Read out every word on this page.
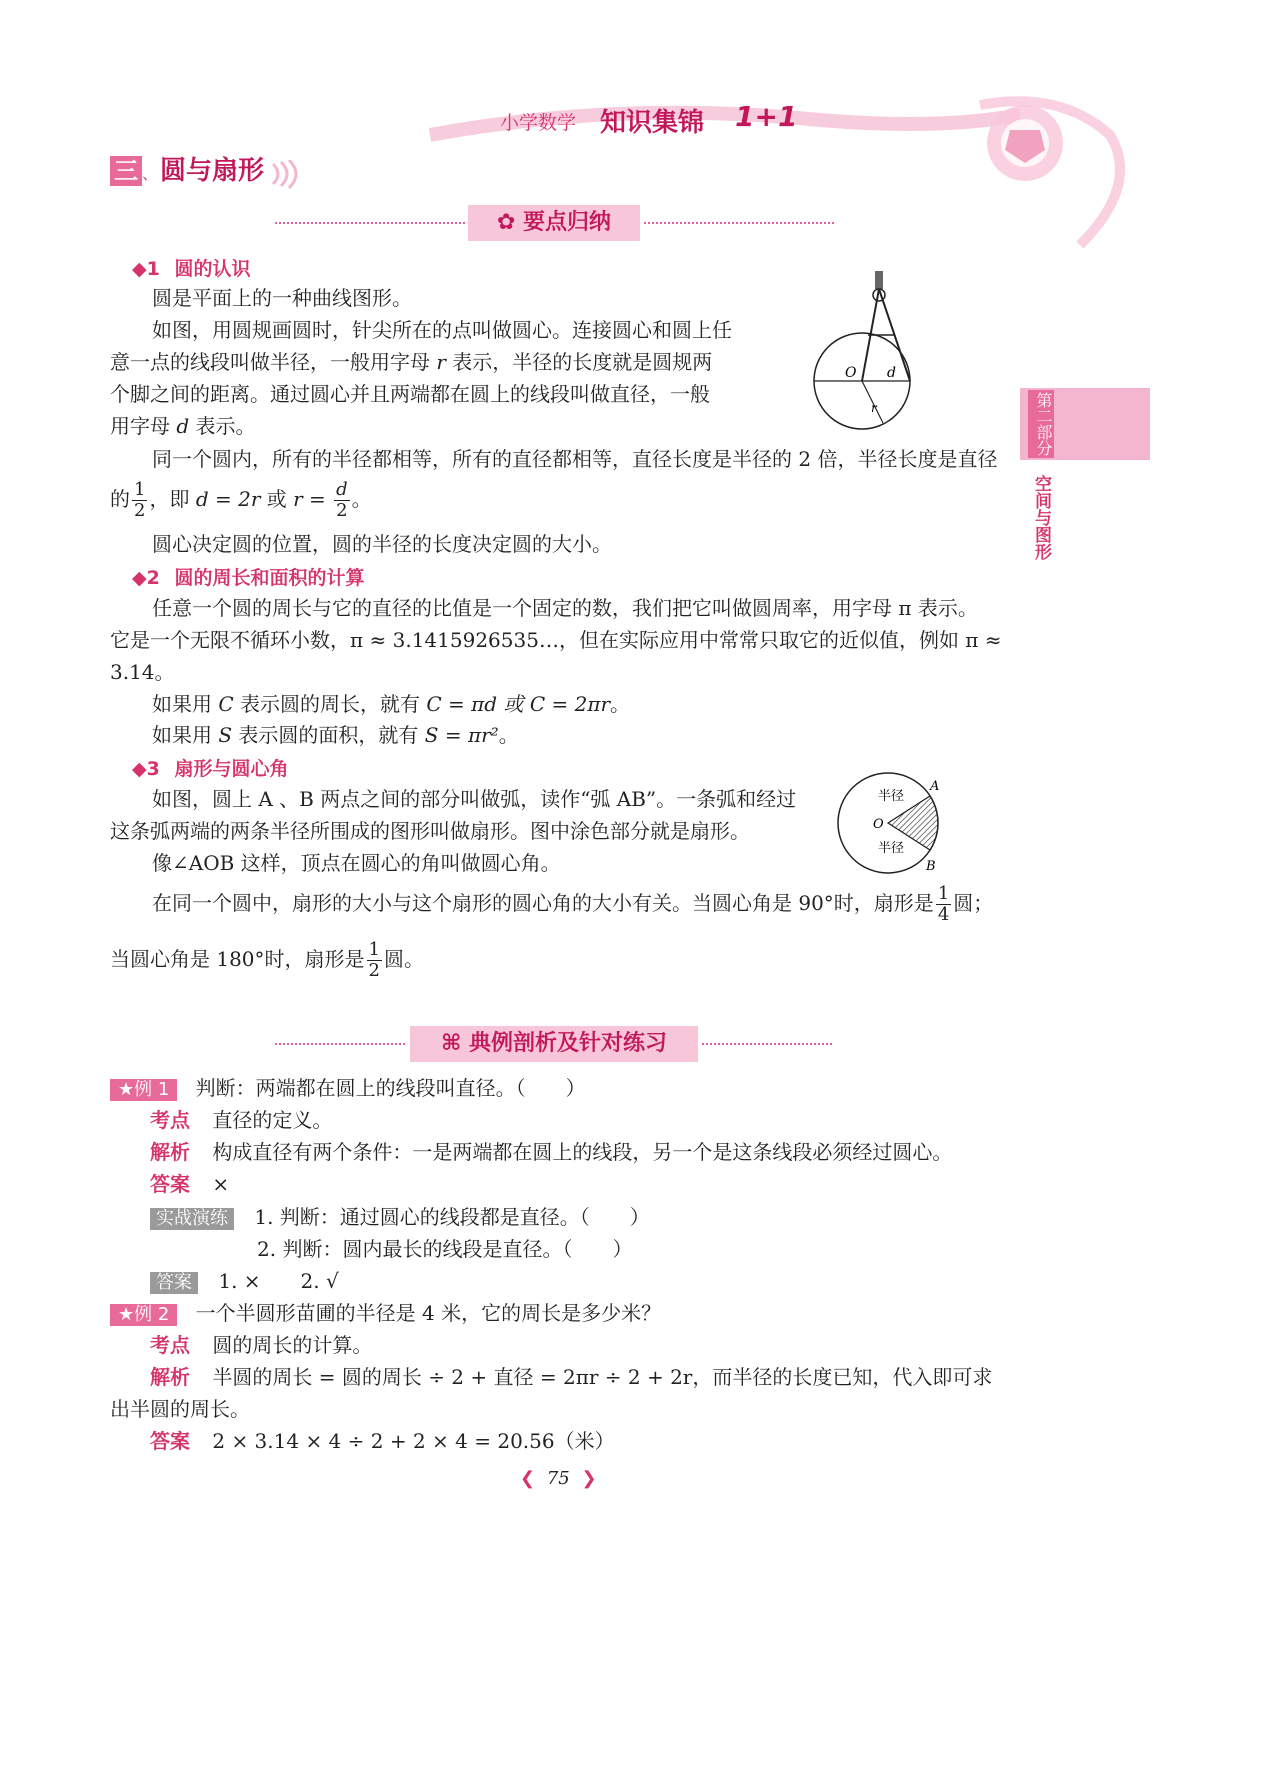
小学数学 知识集锦 1+1
三 、圆与扇形
第二部分
空间与图形
✿ 要点归纳
◆1 圆的认识
圆是平面上的一种曲线图形。
如图，用圆规画圆时，针尖所在的点叫做圆心。连接圆心和圆上任
意一点的线段叫做半径，一般用字母 r 表示，半径的长度就是圆规两
个脚之间的距离。通过圆心并且两端都在圆上的线段叫做直径，一般
用字母 d 表示。
同一个圆内，所有的半径都相等，所有的直径都相等，直径长度是半径的 2 倍，半径长度是直径
的 $\frac{1}{2}$ ，即 d = 2r 或 $r = \frac{d}{2}$ 。
圆心决定圆的位置，圆的半径的长度决定圆的大小。
O d
r
◆2 圆的周长和面积的计算
任意一个圆的周长与它的直径的比值是一个固定的数，我们把它叫做圆周率，用字母 π 表示。
它是一个无限不循环小数，π ≈ 3.1415926535…，但在实际应用中常常只取它的近似值，例如 π ≈
3.14。
如果用 C 表示圆的周长，就有 C = πd 或 C = 2πr。
如果用 S 表示圆的面积，就有 S = πr²。
◆3 扇形与圆心角
如图，圆上 A 、B 两点之间的部分叫做弧，读作“弧 AB”。一条弧和经过
这条弧两端的两条半径所围成的图形叫做扇形。图中涂色部分就是扇形。
像∠AOB 这样，顶点在圆心的角叫做圆心角。
在同一个圆中，扇形的大小与这个扇形的圆心角的大小有关。当圆心角是 90°时，扇形是 $\frac{1}{4}$ 圆；
当圆心角是 180°时，扇形是 $\frac{1}{2}$ 圆。
A
B
O
半径
半径
⌘ 典例剖析及针对练习
★例 1 判断：两端都在圆上的线段叫直径。（　　）
考点 直径的定义。
解析 构成直径有两个条件：一是两端都在圆上的线段，另一个是这条线段必须经过圆心。
答案 ×
实战演练 1. 判断：通过圆心的线段都是直径。（　　）
2. 判断：圆内最长的线段是直径。（　　）
答案 1. ×　　2. √
★例 2 一个半圆形苗圃的半径是 4 米，它的周长是多少米？
考点 圆的周长的计算。
解析 半圆的周长 = 圆的周长 ÷ 2 + 直径 = 2πr ÷ 2 + 2r，而半径的长度已知，代入即可求
出半圆的周长。
答案 2 × 3.14 × 4 ÷ 2 + 2 × 4 = 20.56（米）
❮ 75 ❯
